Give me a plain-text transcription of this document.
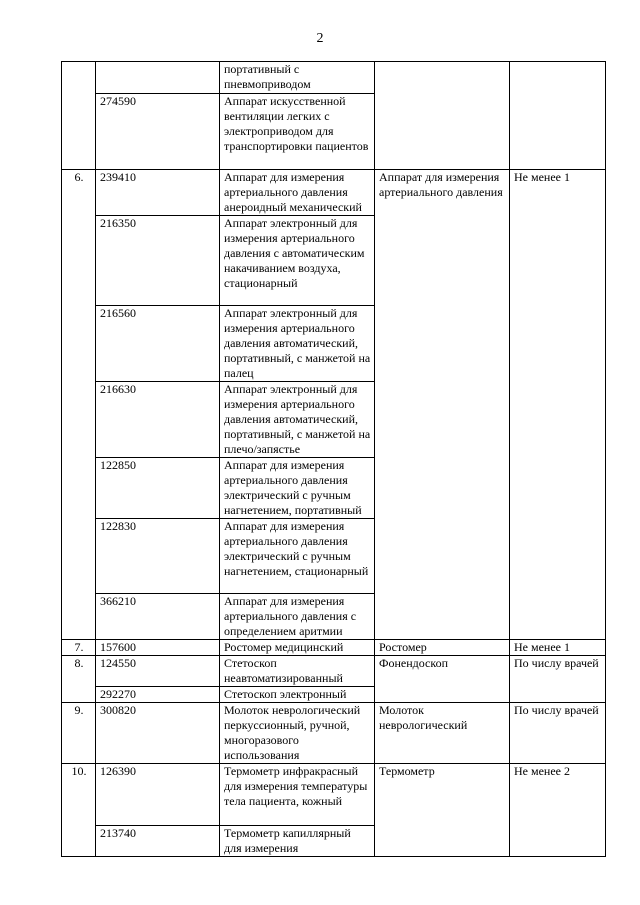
2
		портативный с пневмоприводом		
	274590	Аппарат искусственной вентиляции легких с электроприводом для транспортировки пациентов		
6.	239410	Аппарат для измерения артериального давления анероидный механический	Аппарат для измерения артериального давления	Не менее 1
	216350	Аппарат электронный для измерения артериального давления с автоматическим накачиванием воздуха, стационарный		
	216560	Аппарат электронный для измерения артериального давления автоматический, портативный, с манжетой на палец		
	216630	Аппарат электронный для измерения артериального давления автоматический, портативный, с манжетой на плечо/запястье		
	122850	Аппарат для измерения артериального давления электрический с ручным нагнетением, портативный		
	122830	Аппарат для измерения артериального давления электрический с ручным нагнетением, стационарный		
	366210	Аппарат для измерения артериального давления с определением аритмии		
7.	157600	Ростомер медицинский	Ростомер	Не менее 1
8.	124550	Стетоскоп неавтоматизированный	Фонендоскоп	По числу врачей
	292270	Стетоскоп электронный		
9.	300820	Молоток неврологический перкуссионный, ручной, многоразового использования	Молоток неврологический	По числу врачей
10.	126390	Термометр инфракрасный для измерения температуры тела пациента, кожный	Термометр	Не менее 2
	213740	Термометр капиллярный для измерения		
